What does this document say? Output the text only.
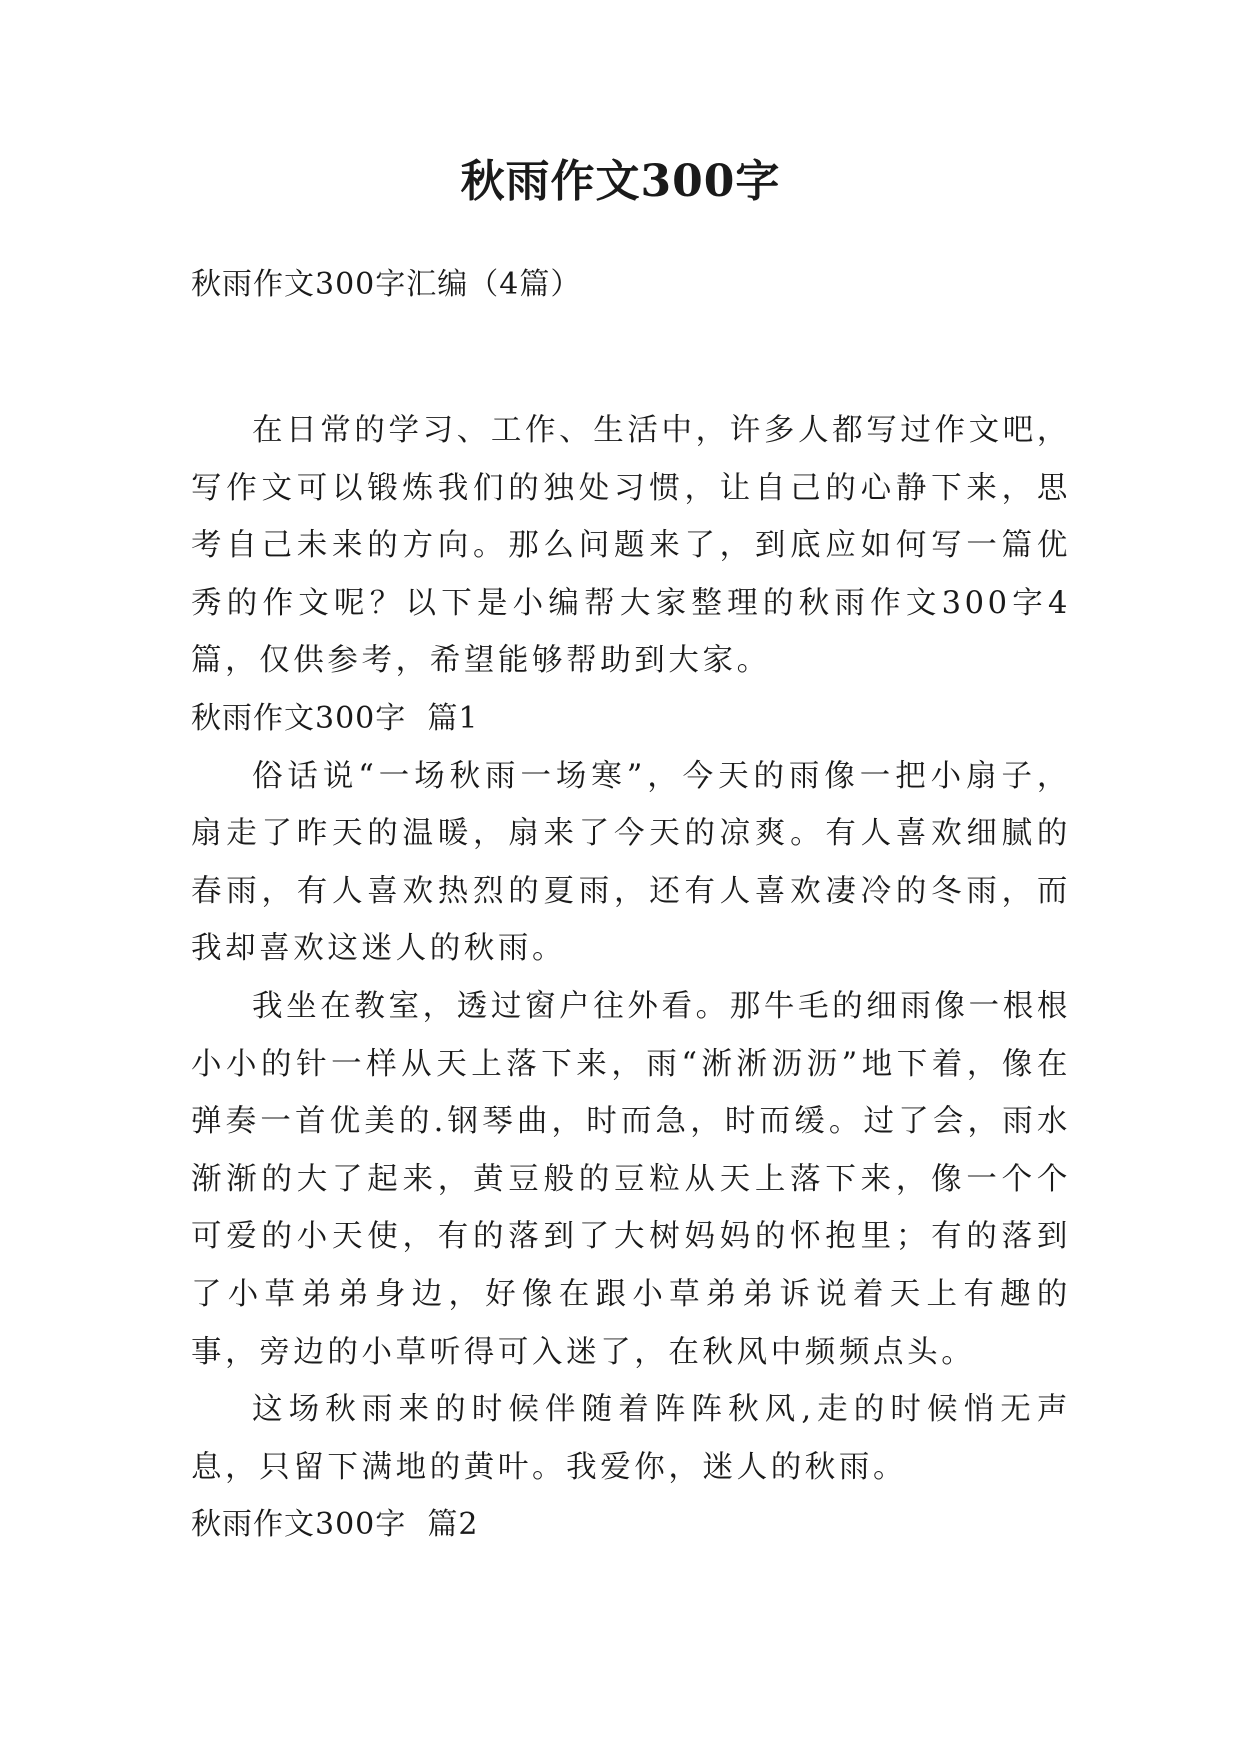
秋雨作文300字

秋雨作文300字汇编（4篇）

在日常的学习、工作、生活中，许多人都写过作文吧，写作文可以锻炼我们的独处习惯，让自己的心静下来，思考自己未来的方向。那么问题来了，到底应如何写一篇优秀的作文呢？以下是小编帮大家整理的秋雨作文300字4篇，仅供参考，希望能够帮助到大家。

秋雨作文300字  篇1

俗话说“一场秋雨一场寒”，今天的雨像一把小扇子，扇走了昨天的温暖，扇来了今天的凉爽。有人喜欢细腻的春雨，有人喜欢热烈的夏雨，还有人喜欢凄冷的冬雨，而我却喜欢这迷人的秋雨。

我坐在教室，透过窗户往外看。那牛毛的细雨像一根根小小的针一样从天上落下来，雨“淅淅沥沥”地下着，像在弹奏一首优美的.钢琴曲，时而急，时而缓。过了会，雨水渐渐的大了起来，黄豆般的豆粒从天上落下来，像一个个可爱的小天使，有的落到了大树妈妈的怀抱里；有的落到了小草弟弟身边，好像在跟小草弟弟诉说着天上有趣的事，旁边的小草听得可入迷了，在秋风中频频点头。

这场秋雨来的时候伴随着阵阵秋风,走的时候悄无声息，只留下满地的黄叶。我爱你，迷人的秋雨。

秋雨作文300字  篇2
